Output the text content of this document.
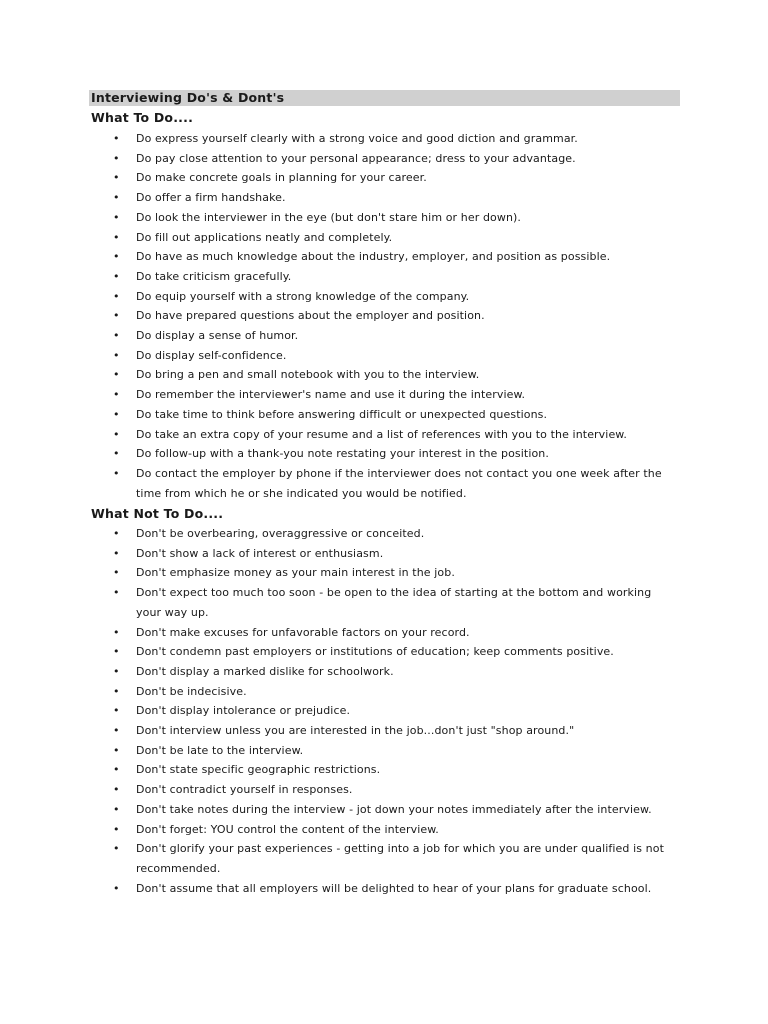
Interviewing Do's & Dont's
What To Do....
• Do express yourself clearly with a strong voice and good diction and grammar.
• Do pay close attention to your personal appearance; dress to your advantage.
• Do make concrete goals in planning for your career.
• Do offer a firm handshake.
• Do look the interviewer in the eye (but don't stare him or her down).
• Do fill out applications neatly and completely.
• Do have as much knowledge about the industry, employer, and position as possible.
• Do take criticism gracefully.
• Do equip yourself with a strong knowledge of the company.
• Do have prepared questions about the employer and position.
• Do display a sense of humor.
• Do display self-confidence.
• Do bring a pen and small notebook with you to the interview.
• Do remember the interviewer's name and use it during the interview.
• Do take time to think before answering difficult or unexpected questions.
• Do take an extra copy of your resume and a list of references with you to the interview.
• Do follow-up with a thank-you note restating your interest in the position.
• Do contact the employer by phone if the interviewer does not contact you one week after the time from which he or she indicated you would be notified.
What Not To Do....
• Don't be overbearing, overaggressive or conceited.
• Don't show a lack of interest or enthusiasm.
• Don't emphasize money as your main interest in the job.
• Don't expect too much too soon - be open to the idea of starting at the bottom and working your way up.
• Don't make excuses for unfavorable factors on your record.
• Don't condemn past employers or institutions of education; keep comments positive.
• Don't display a marked dislike for schoolwork.
• Don't be indecisive.
• Don't display intolerance or prejudice.
• Don't interview unless you are interested in the job...don't just "shop around."
• Don't be late to the interview.
• Don't state specific geographic restrictions.
• Don't contradict yourself in responses.
• Don't take notes during the interview - jot down your notes immediately after the interview.
• Don't forget: YOU control the content of the interview.
• Don't glorify your past experiences - getting into a job for which you are under qualified is not recommended.
• Don't assume that all employers will be delighted to hear of your plans for graduate school.
